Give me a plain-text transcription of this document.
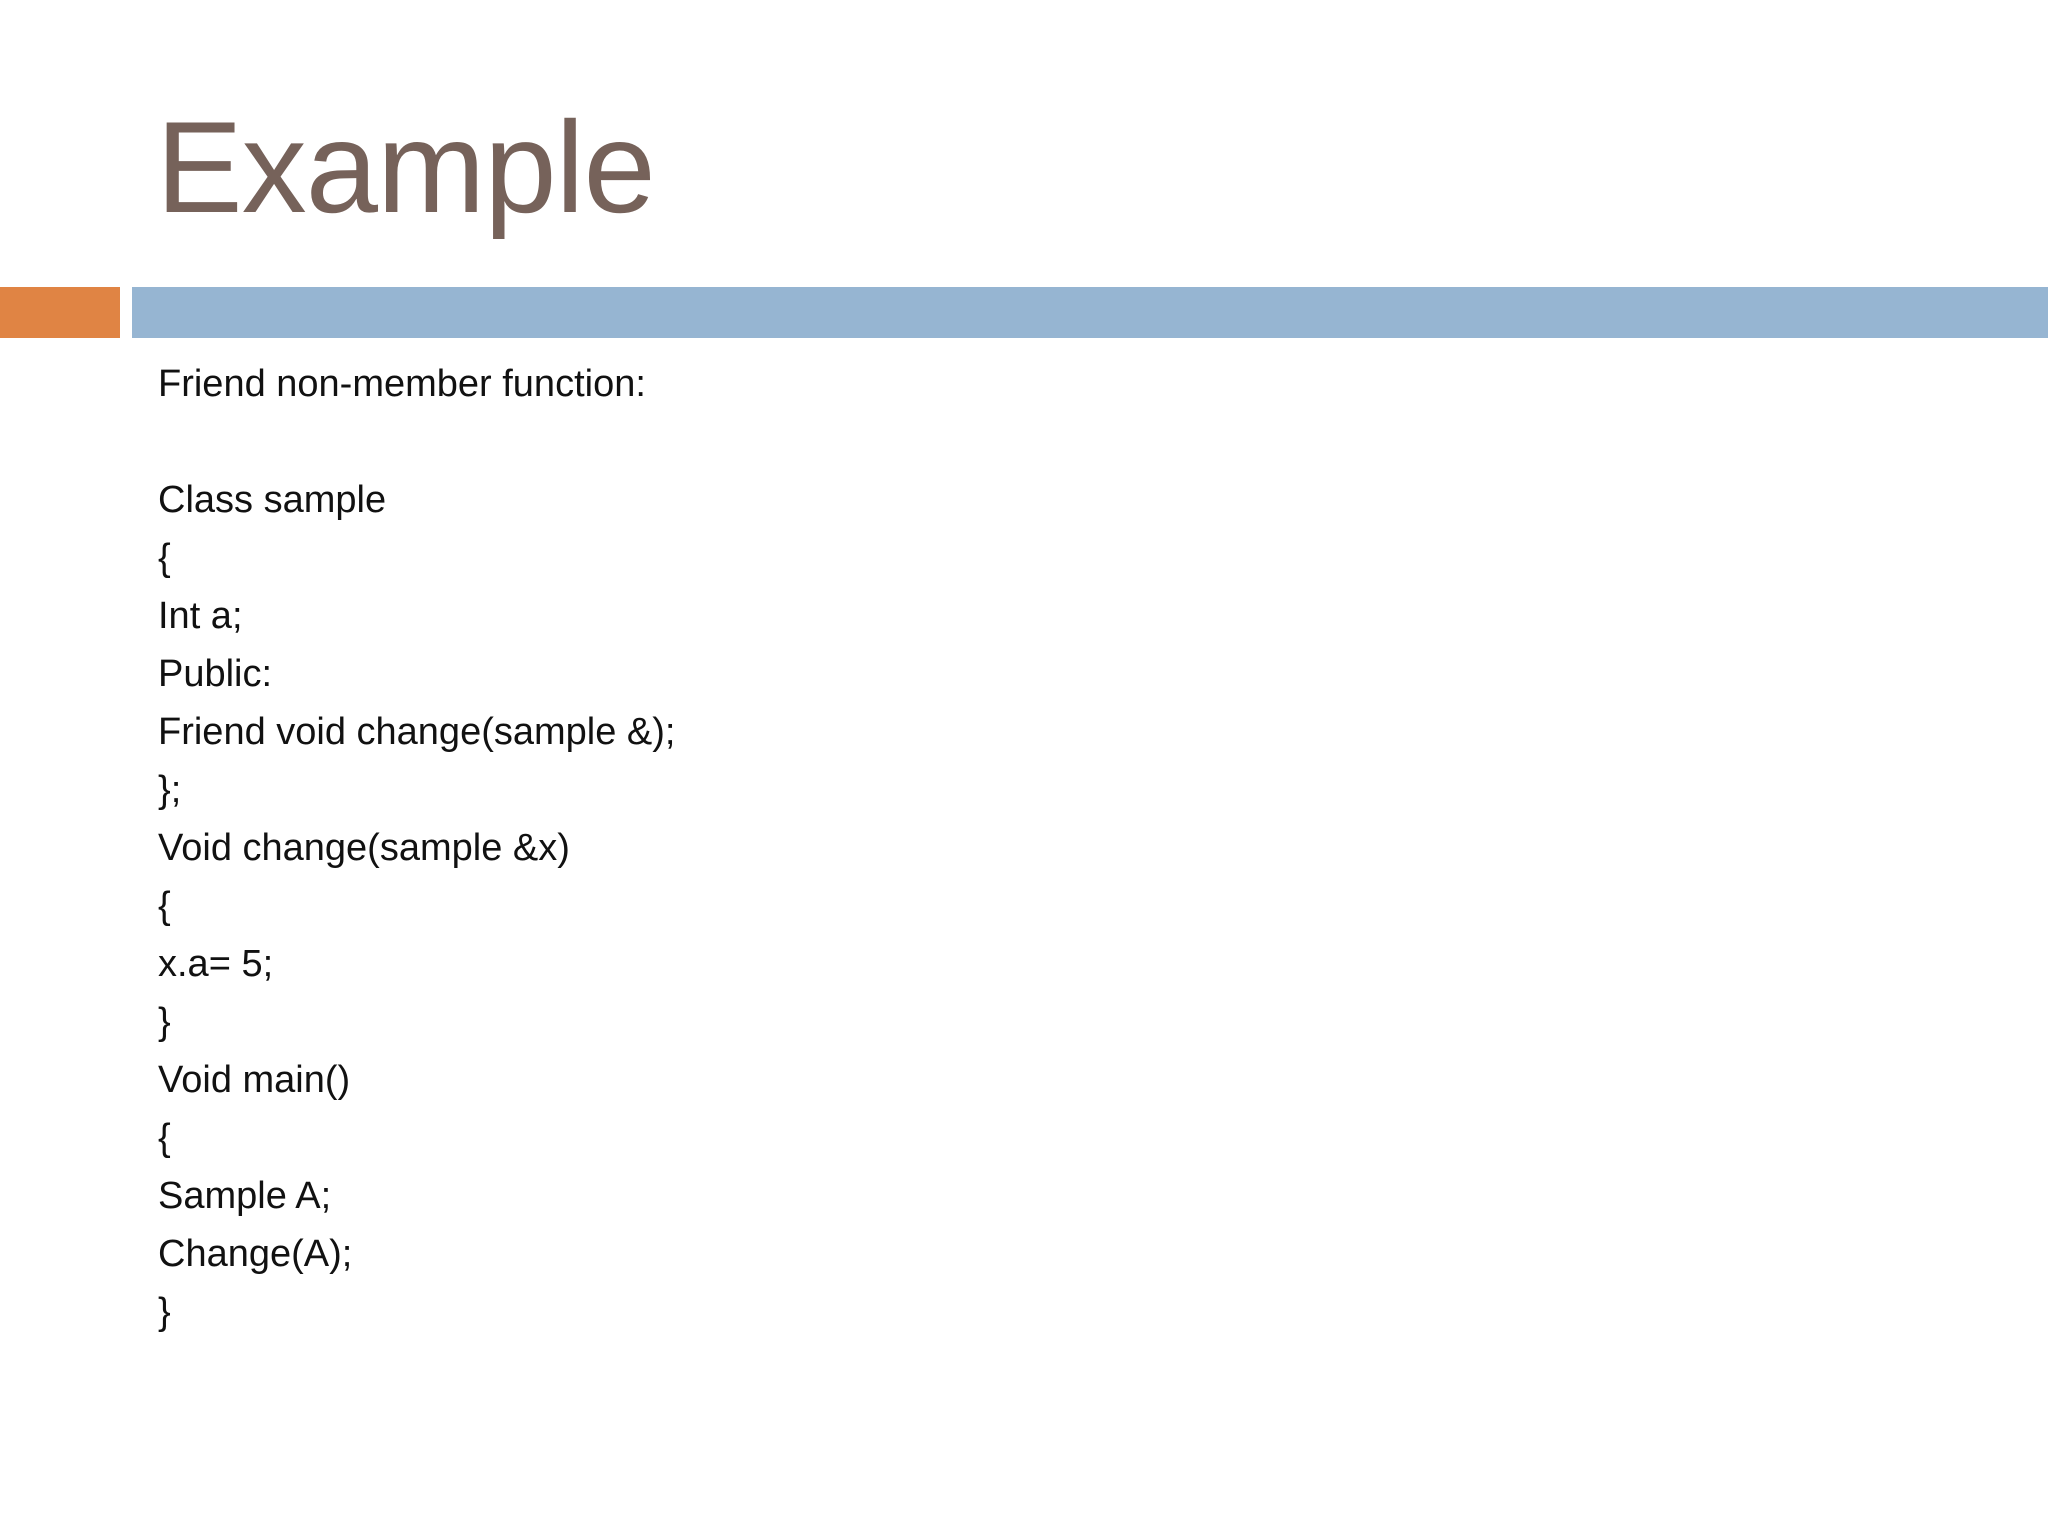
Example
Friend non-member function:
Class sample
{
Int a;
Public:
Friend void change(sample &);
};
Void change(sample &x)
{
x.a= 5;
}
Void main()
{
Sample A;
Change(A);
}
